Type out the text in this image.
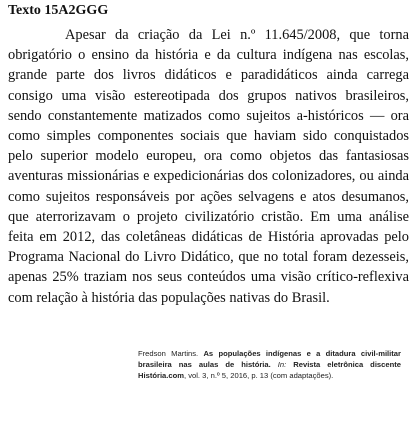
Texto 15A2GGG

Apesar da criação da Lei n.º 11.645/2008, que torna obrigatório o ensino da história e da cultura indígena nas escolas, grande parte dos livros didáticos e paradidáticos ainda carrega consigo uma visão estereotipada dos grupos nativos brasileiros, sendo constantemente matizados como sujeitos a-históricos — ora como simples componentes sociais que haviam sido conquistados pelo superior modelo europeu, ora como objetos das fantasiosas aventuras missionárias e expedicionárias dos colonizadores, ou ainda como sujeitos responsáveis por ações selvagens e atos desumanos, que aterrorizavam o projeto civilizatório cristão. Em uma análise feita em 2012, das coletâneas didáticas de História aprovadas pelo Programa Nacional do Livro Didático, que no total foram dezesseis, apenas 25% traziam nos seus conteúdos uma visão crítico-reflexiva com relação à história das populações nativas do Brasil.

Fredson Martins. As populações indígenas e a ditadura civil-militar brasileira nas aulas de história. In: Revista eletrônica discente História.com, vol. 3, n.º 5, 2016, p. 13 (com adaptações).
